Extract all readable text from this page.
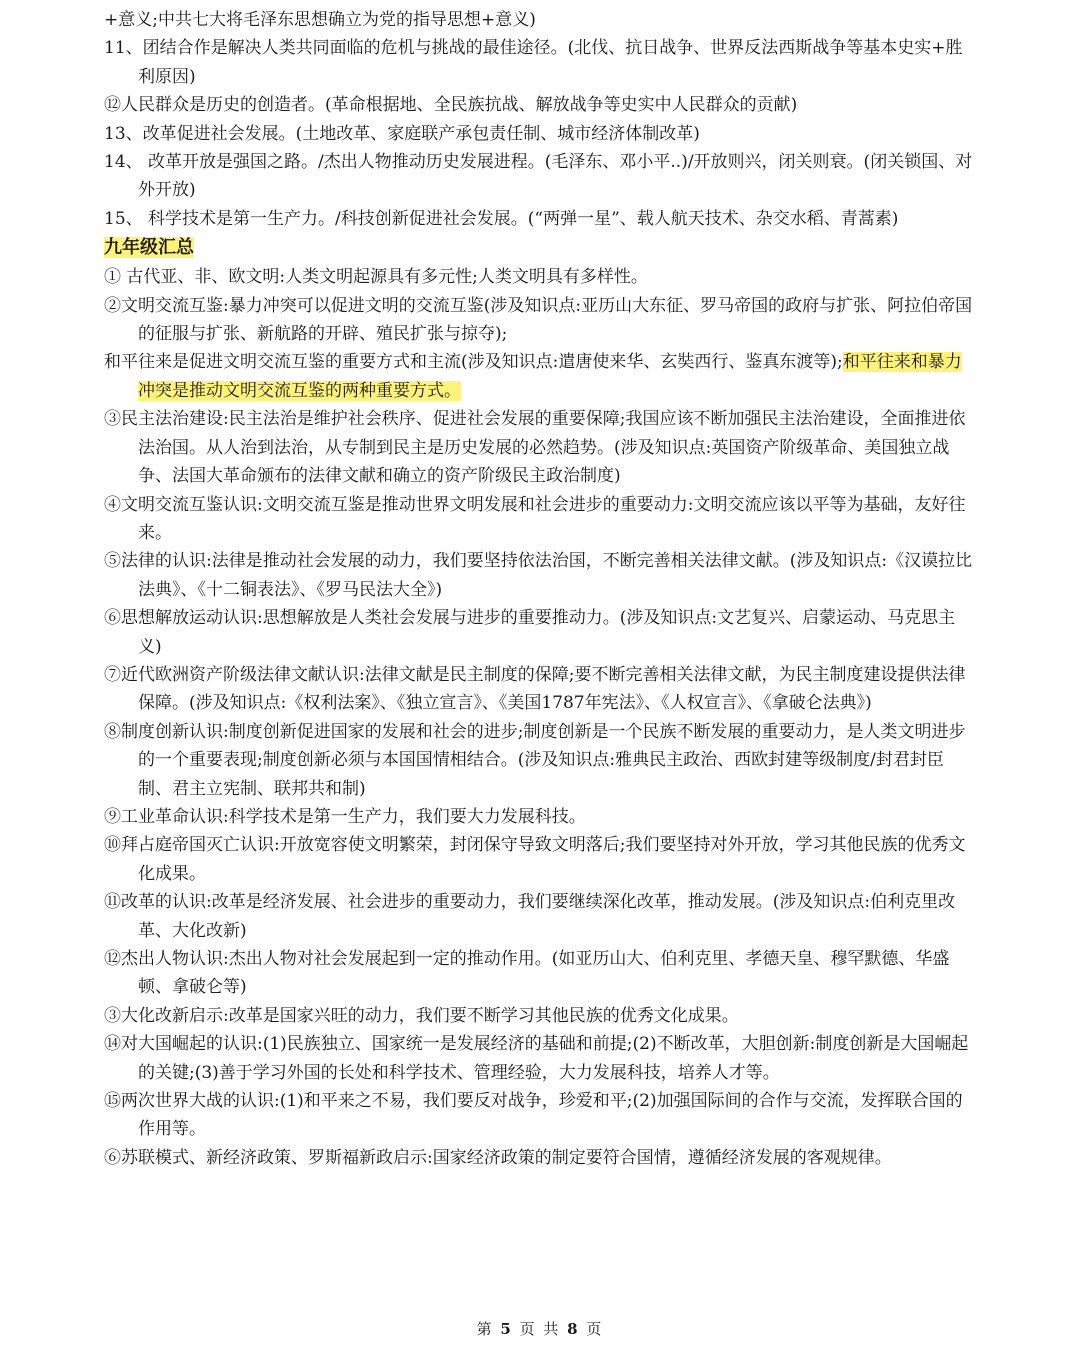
+意义;中共七大将毛泽东思想确立为党的指导思想+意义)

11、团结合作是解决人类共同面临的危机与挑战的最佳途径。(北伐、抗日战争、世界反法西斯战争等基本史实+胜利原因)

⑫人民群众是历史的创造者。(革命根据地、全民族抗战、解放战争等史实中人民群众的贡献)

13、改革促进社会发展。(土地改革、家庭联产承包责任制、城市经济体制改革)

14、 改革开放是强国之路。/杰出人物推动历史发展进程。(毛泽东、邓小平..)/开放则兴，闭关则衰。(闭关锁国、对外开放)

15、 科学技术是第一生产力。/科技创新促进社会发展。(“两弹一星”、载人航天技术、杂交水稻、青蒿素)

九年级汇总

① 古代亚、非、欧文明:人类文明起源具有多元性;人类文明具有多样性。

②文明交流互鉴:暴力冲突可以促进文明的交流互鉴(涉及知识点:亚历山大东征、罗马帝国的政府与扩张、阿拉伯帝国的征服与扩张、新航路的开辟、殖民扩张与掠夺);

和平往来是促进文明交流互鉴的重要方式和主流(涉及知识点:遣唐使来华、玄奘西行、鉴真东渡等);和平往来和暴力冲突是推动文明交流互鉴的两种重要方式。

③民主法治建设:民主法治是维护社会秩序、促进社会发展的重要保障;我国应该不断加强民主法治建设，全面推进依法治国。从人治到法治，从专制到民主是历史发展的必然趋势。(涉及知识点:英国资产阶级革命、美国独立战争、法国大革命颁布的法律文献和确立的资产阶级民主政治制度)

④文明交流互鉴认识:文明交流互鉴是推动世界文明发展和社会进步的重要动力:文明交流应该以平等为基础，友好往来。

⑤法律的认识:法律是推动社会发展的动力，我们要坚持依法治国，不断完善相关法律文献。(涉及知识点:《汉谟拉比法典》、《十二铜表法》、《罗马民法大全》)

⑥思想解放运动认识:思想解放是人类社会发展与进步的重要推动力。(涉及知识点:文艺复兴、启蒙运动、马克思主义)

⑦近代欧洲资产阶级法律文献认识:法律文献是民主制度的保障;要不断完善相关法律文献，为民主制度建设提供法律保障。(涉及知识点:《权利法案》、《独立宣言》、《美国1787年宪法》、《人权宣言》、《拿破仑法典》)

⑧制度创新认识:制度创新促进国家的发展和社会的进步;制度创新是一个民族不断发展的重要动力，是人类文明进步的一个重要表现;制度创新必须与本国国情相结合。(涉及知识点:雅典民主政治、西欧封建等级制度/封君封臣制、君主立宪制、联邦共和制)

⑨工业革命认识:科学技术是第一生产力，我们要大力发展科技。

⑩拜占庭帝国灭亡认识:开放宽容使文明繁荣，封闭保守导致文明落后;我们要坚持对外开放，学习其他民族的优秀文化成果。

⑪改革的认识:改革是经济发展、社会进步的重要动力，我们要继续深化改革，推动发展。(涉及知识点:伯利克里改革、大化改新)

⑫杰出人物认识:杰出人物对社会发展起到一定的推动作用。(如亚历山大、伯利克里、孝德天皇、穆罕默德、华盛顿、拿破仑等)

③大化改新启示:改革是国家兴旺的动力，我们要不断学习其他民族的优秀文化成果。

⑭对大国崛起的认识:(1)民族独立、国家统一是发展经济的基础和前提;(2)不断改革，大胆创新:制度创新是大国崛起的关键;(3)善于学习外国的长处和科学技术、管理经验，大力发展科技，培养人才等。

⑮两次世界大战的认识:(1)和平来之不易，我们要反对战争，珍爱和平;(2)加强国际间的合作与交流，发挥联合国的作用等。

⑥苏联模式、新经济政策、罗斯福新政启示:国家经济政策的制定要符合国情，遵循经济发展的客观规律。

第 5 页 共 8 页
